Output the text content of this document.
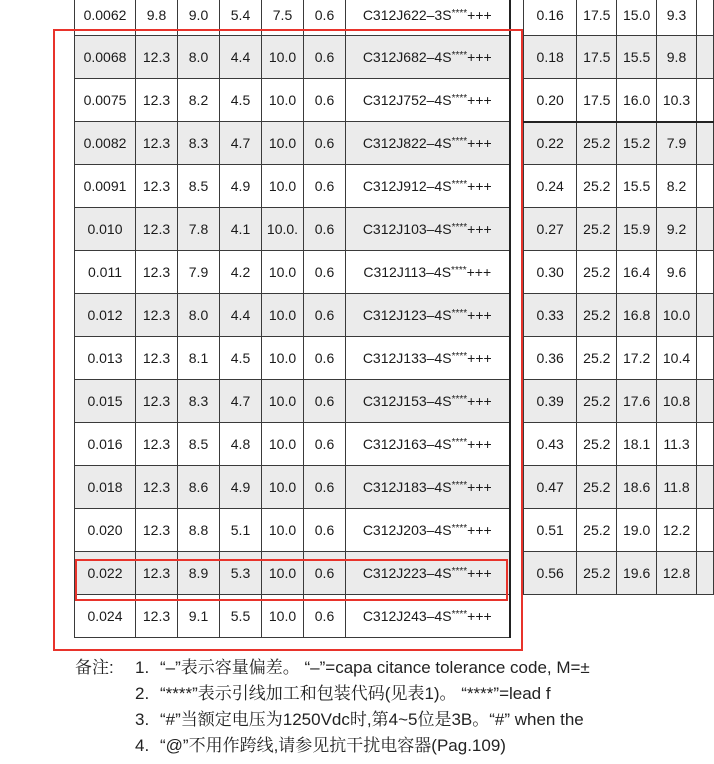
0.0062	9.8	9.0	5.4	7.5	0.6	C312J622–3S****+++
0.0068	12.3	8.0	4.4	10.0	0.6	C312J682–4S****+++
0.0075	12.3	8.2	4.5	10.0	0.6	C312J752–4S****+++
0.0082	12.3	8.3	4.7	10.0	0.6	C312J822–4S****+++
0.0091	12.3	8.5	4.9	10.0	0.6	C312J912–4S****+++
0.010	12.3	7.8	4.1	10.0.	0.6	C312J103–4S****+++
0.011	12.3	7.9	4.2	10.0	0.6	C312J113–4S****+++
0.012	12.3	8.0	4.4	10.0	0.6	C312J123–4S****+++
0.013	12.3	8.1	4.5	10.0	0.6	C312J133–4S****+++
0.015	12.3	8.3	4.7	10.0	0.6	C312J153–4S****+++
0.016	12.3	8.5	4.8	10.0	0.6	C312J163–4S****+++
0.018	12.3	8.6	4.9	10.0	0.6	C312J183–4S****+++
0.020	12.3	8.8	5.1	10.0	0.6	C312J203–4S****+++
0.022	12.3	8.9	5.3	10.0	0.6	C312J223–4S****+++
0.024	12.3	9.1	5.5	10.0	0.6	C312J243–4S****+++
0.16	17.5	15.0	9.3	
0.18	17.5	15.5	9.8	
0.20	17.5	16.0	10.3	
0.22	25.2	15.2	7.9	
0.24	25.2	15.5	8.2	
0.27	25.2	15.9	9.2	
0.30	25.2	16.4	9.6	
0.33	25.2	16.8	10.0	
0.36	25.2	17.2	10.4	
0.39	25.2	17.6	10.8	
0.43	25.2	18.1	11.3	
0.47	25.2	18.6	11.8	
0.51	25.2	19.0	12.2	
0.56	25.2	19.6	12.8	
备注: 1. “–”表示容量偏差。 “–”=capa citance tolerance code, M=±
2. “****”表示引线加工和包装代码(见表1)。 “****”=lead f
3. “#”当额定电压为1250Vdc时,第4~5位是3B。“#” when the
4. “@”不用作跨线,请参见抗干扰电容器(Pag.109)
